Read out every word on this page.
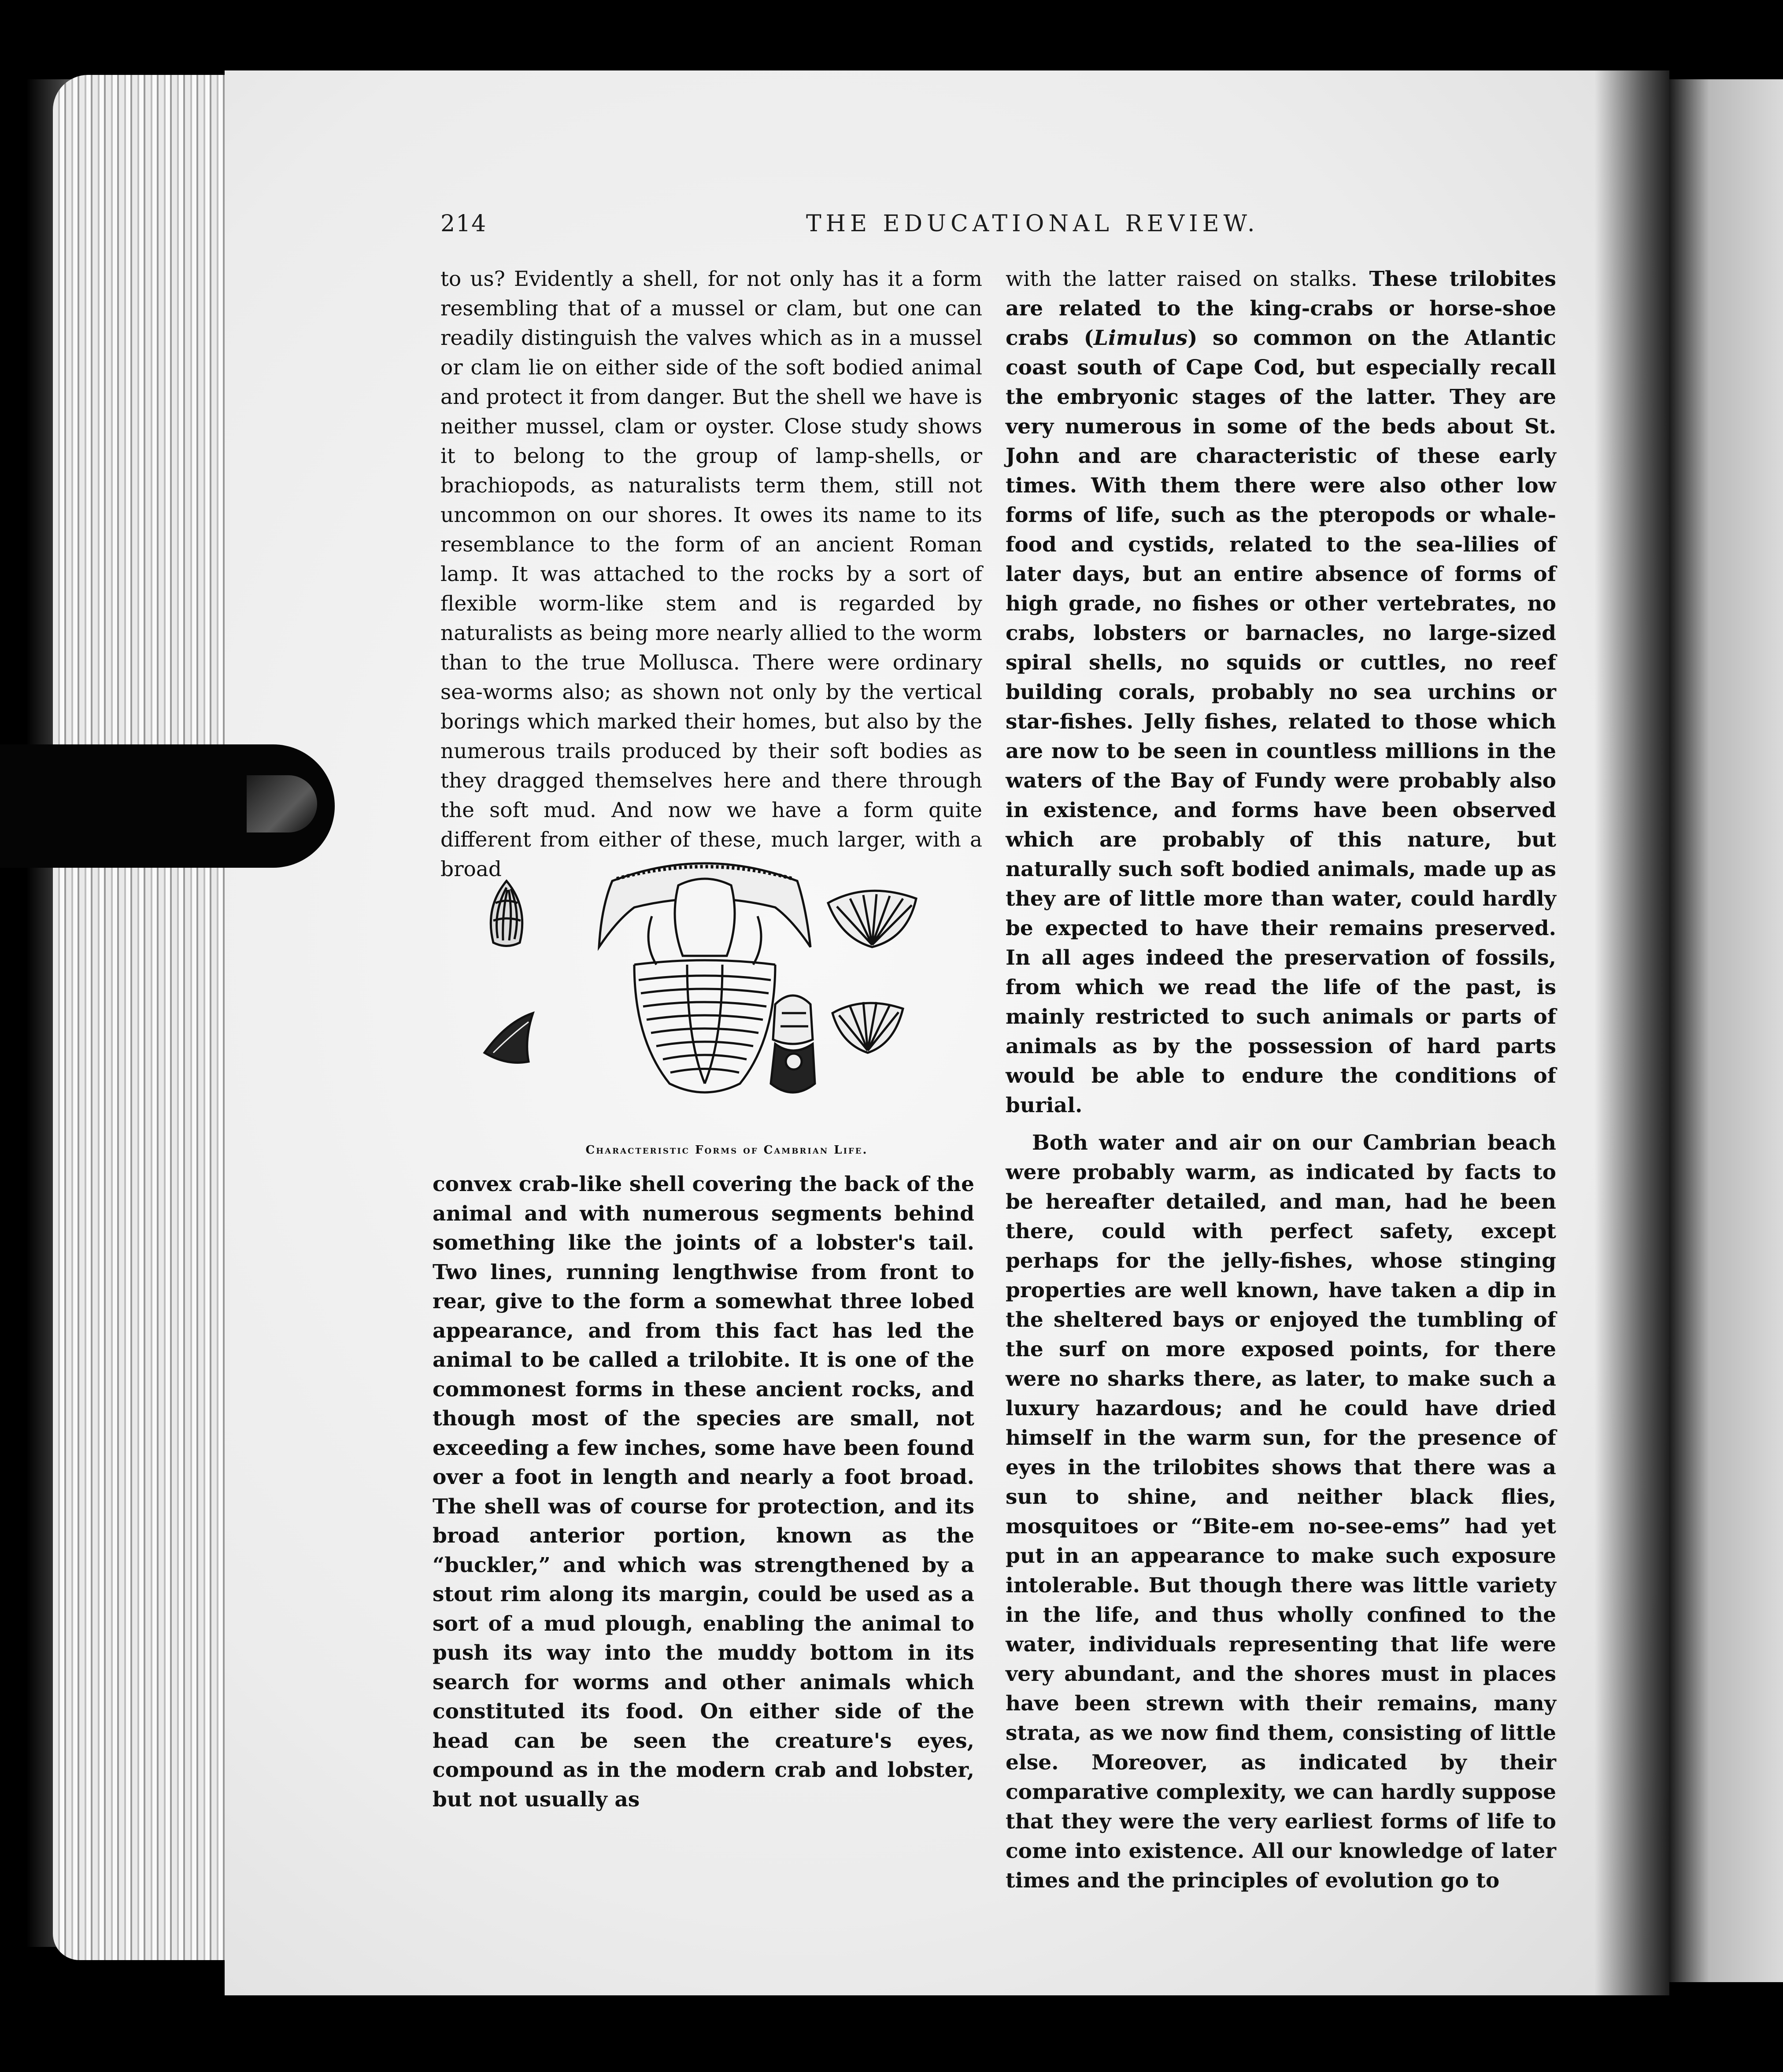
214	THE EDUCATIONAL REVIEW.

to us? Evidently a shell, for not only has it a form resembling that of a mussel or clam, but one can readily distinguish the valves which as in a mussel or clam lie on either side of the soft bodied animal and protect it from danger. But the shell we have is neither mussel, clam or oyster. Close study shows it to belong to the group of lamp-shells, or brachiopods, as naturalists term them, still not uncommon on our shores. It owes its name to its resemblance to the form of an ancient Roman lamp. It was attached to the rocks by a sort of flexible worm-like stem and is regarded by naturalists as being more nearly allied to the worm than to the true Mollusca. There were ordinary sea-worms also; as shown not only by the vertical borings which marked their homes, but also by the numerous trails produced by their soft bodies as they dragged themselves here and there through the soft mud. And now we have a form quite different from either of these, much larger, with a broad

Characteristic Forms of Cambrian Life.

convex crab-like shell covering the back of the animal and with numerous segments behind something like the joints of a lobster's tail. Two lines, running lengthwise from front to rear, give to the form a somewhat three lobed appearance, and from this fact has led the animal to be called a trilobite. It is one of the commonest forms in these ancient rocks, and though most of the species are small, not exceeding a few inches, some have been found over a foot in length and nearly a foot broad. The shell was of course for protection, and its broad anterior portion, known as the “buckler,” and which was strengthened by a stout rim along its margin, could be used as a sort of a mud plough, enabling the animal to push its way into the muddy bottom in its search for worms and other animals which constituted its food. On either side of the head can be seen the creature's eyes, compound as in the modern crab and lobster, but not usually as

with the latter raised on stalks. These trilobites are related to the king-crabs or horse-shoe crabs (Limulus) so common on the Atlantic coast south of Cape Cod, but especially recall the embryonic stages of the latter. They are very numerous in some of the beds about St. John and are characteristic of these early times. With them there were also other low forms of life, such as the pteropods or whale-food and cystids, related to the sea-lilies of later days, but an entire absence of forms of high grade, no fishes or other vertebrates, no crabs, lobsters or barnacles, no large-sized spiral shells, no squids or cuttles, no reef building corals, probably no sea urchins or star-fishes. Jelly fishes, related to those which are now to be seen in countless millions in the waters of the Bay of Fundy were probably also in existence, and forms have been observed which are probably of this nature, but naturally such soft bodied animals, made up as they are of little more than water, could hardly be expected to have their remains preserved. In all ages indeed the preservation of fossils, from which we read the life of the past, is mainly restricted to such animals or parts of animals as by the possession of hard parts would be able to endure the conditions of burial.

Both water and air on our Cambrian beach were probably warm, as indicated by facts to be hereafter detailed, and man, had he been there, could with perfect safety, except perhaps for the jelly-fishes, whose stinging properties are well known, have taken a dip in the sheltered bays or enjoyed the tumbling of the surf on more exposed points, for there were no sharks there, as later, to make such a luxury hazardous; and he could have dried himself in the warm sun, for the presence of eyes in the trilobites shows that there was a sun to shine, and neither black flies, mosquitoes or “Bite-em no-see-ems” had yet put in an appearance to make such exposure intolerable. But though there was little variety in the life, and thus wholly confined to the water, individuals representing that life were very abundant, and the shores must in places have been strewn with their remains, many strata, as we now find them, consisting of little else. Moreover, as indicated by their comparative complexity, we can hardly suppose that they were the very earliest forms of life to come into existence. All our knowledge of later times and the principles of evolution go to
